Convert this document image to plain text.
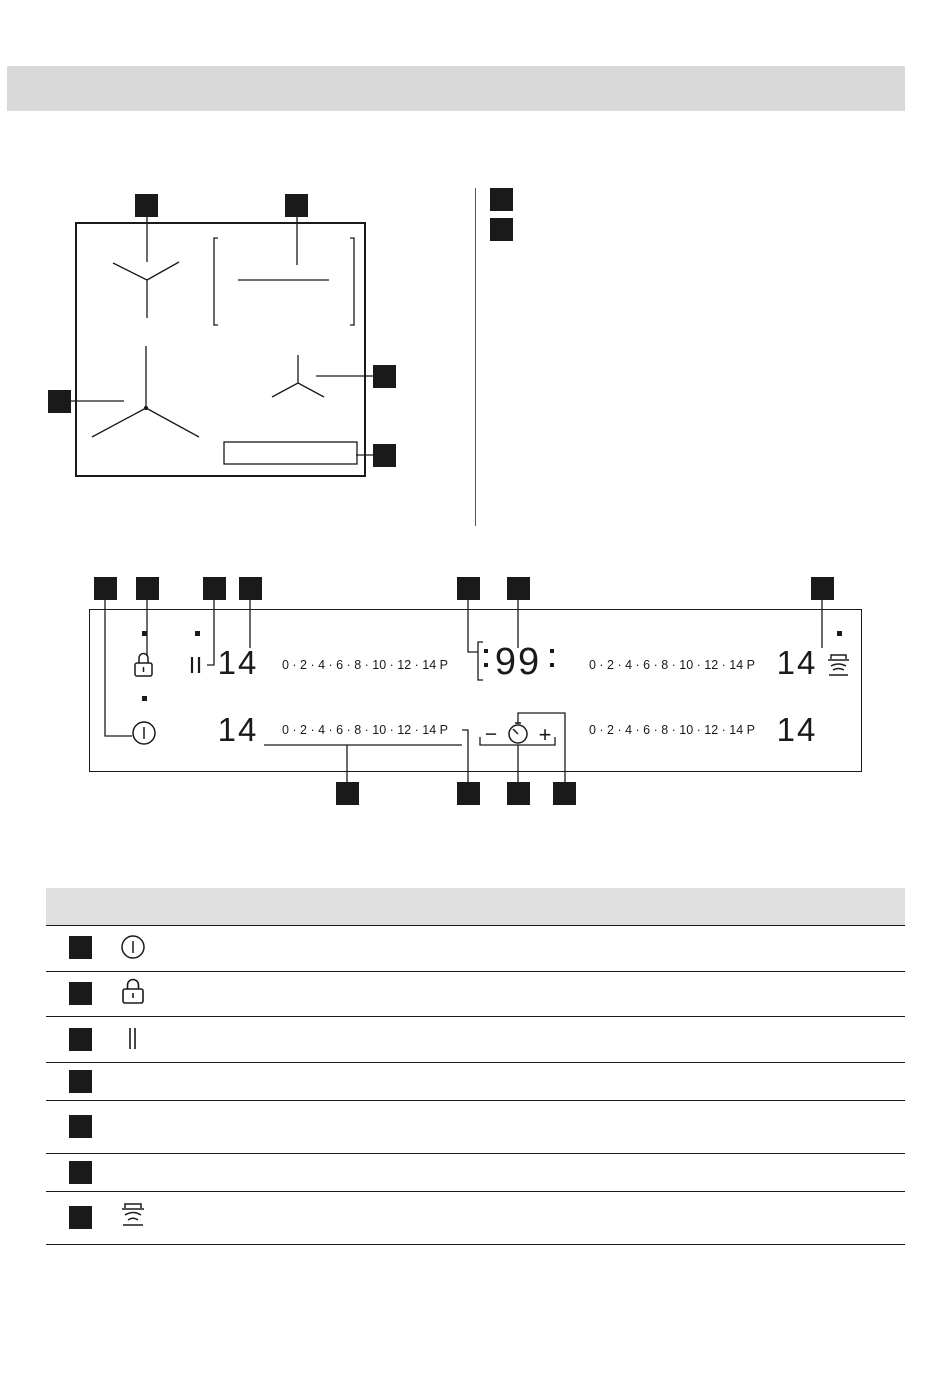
− +
0 · 2 · 4 · 6 · 8 · 10 · 12 · 14 P	0 · 2 · 4 · 6 · 8 · 10 · 12 · 14 P
0 · 2 · 4 · 6 · 8 · 10 · 12 · 14 P	0 · 2 · 4 · 6 · 8 · 10 · 12 · 14 P
14
14
14
14
99
